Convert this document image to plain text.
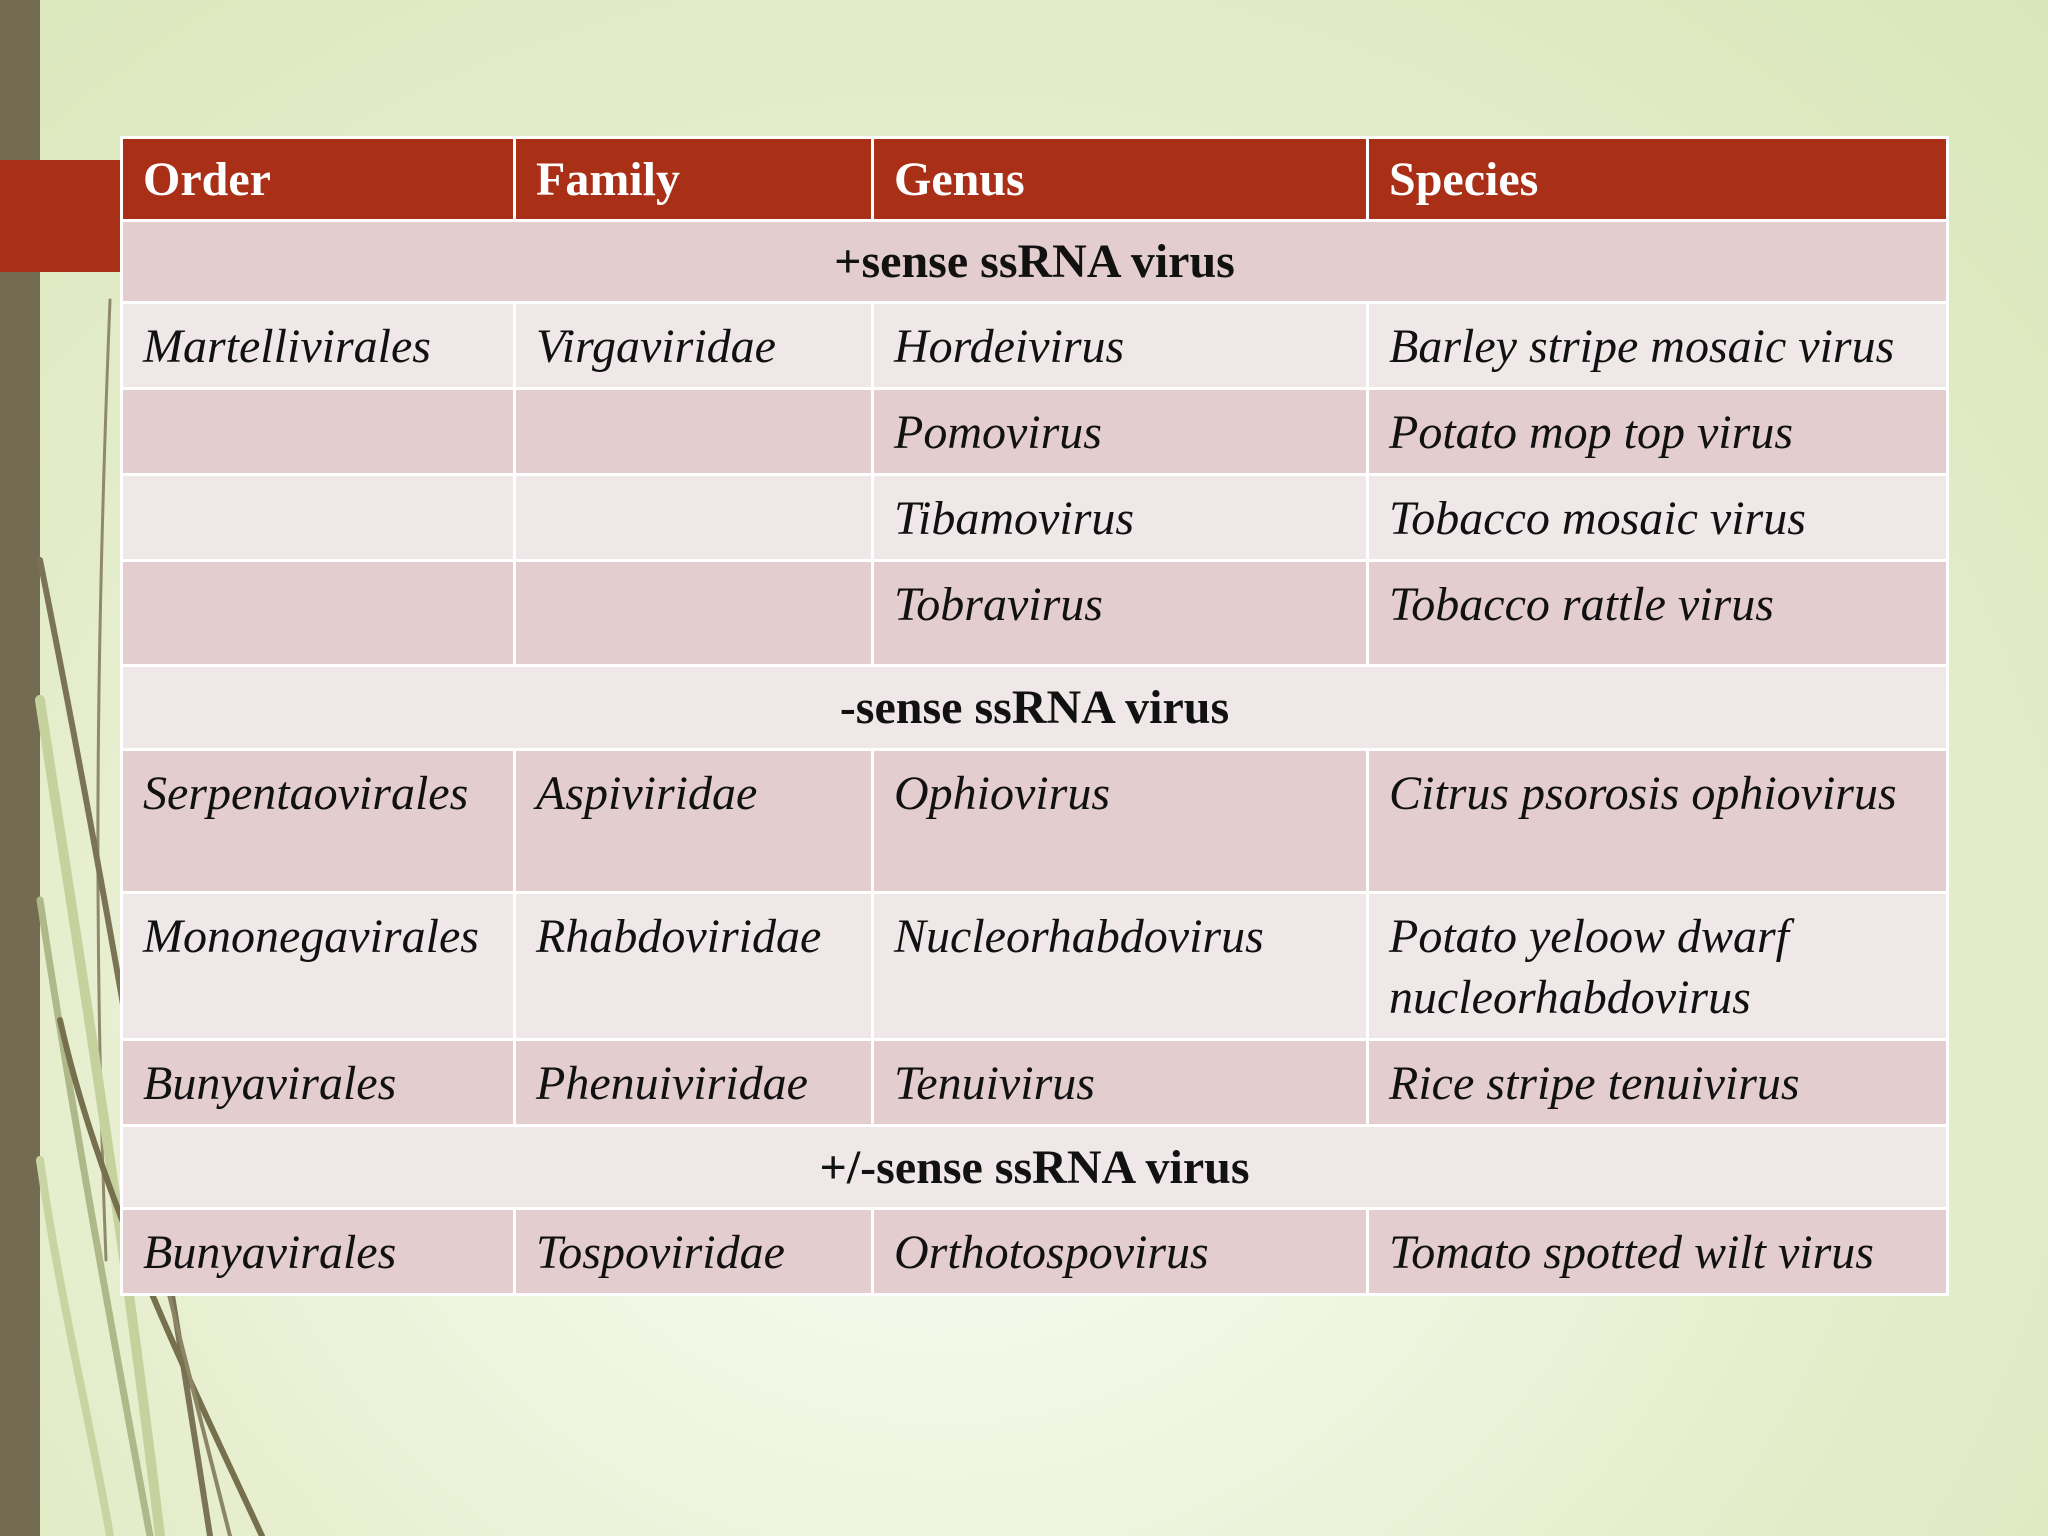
Order	Family	Genus	Species
+sense ssRNA virus			
Martellivirales	Virgaviridae	Hordeivirus	Barley stripe mosaic virus
		Pomovirus	Potato mop top virus
		Tibamovirus	Tobacco mosaic virus
		Tobravirus	Tobacco rattle virus
-sense ssRNA virus			
Serpentaovirales	Aspiviridae	Ophiovirus	Citrus psorosis ophiovirus
Mononegavirales	Rhabdoviridae	Nucleorhabdovirus	Potato yeloow dwarf nucleorhabdovirus
Bunyavirales	Phenuiviridae	Tenuivirus	Rice stripe tenuivirus
+/-sense ssRNA virus			
Bunyavirales	Tospoviridae	Orthotospovirus	Tomato spotted wilt virus
